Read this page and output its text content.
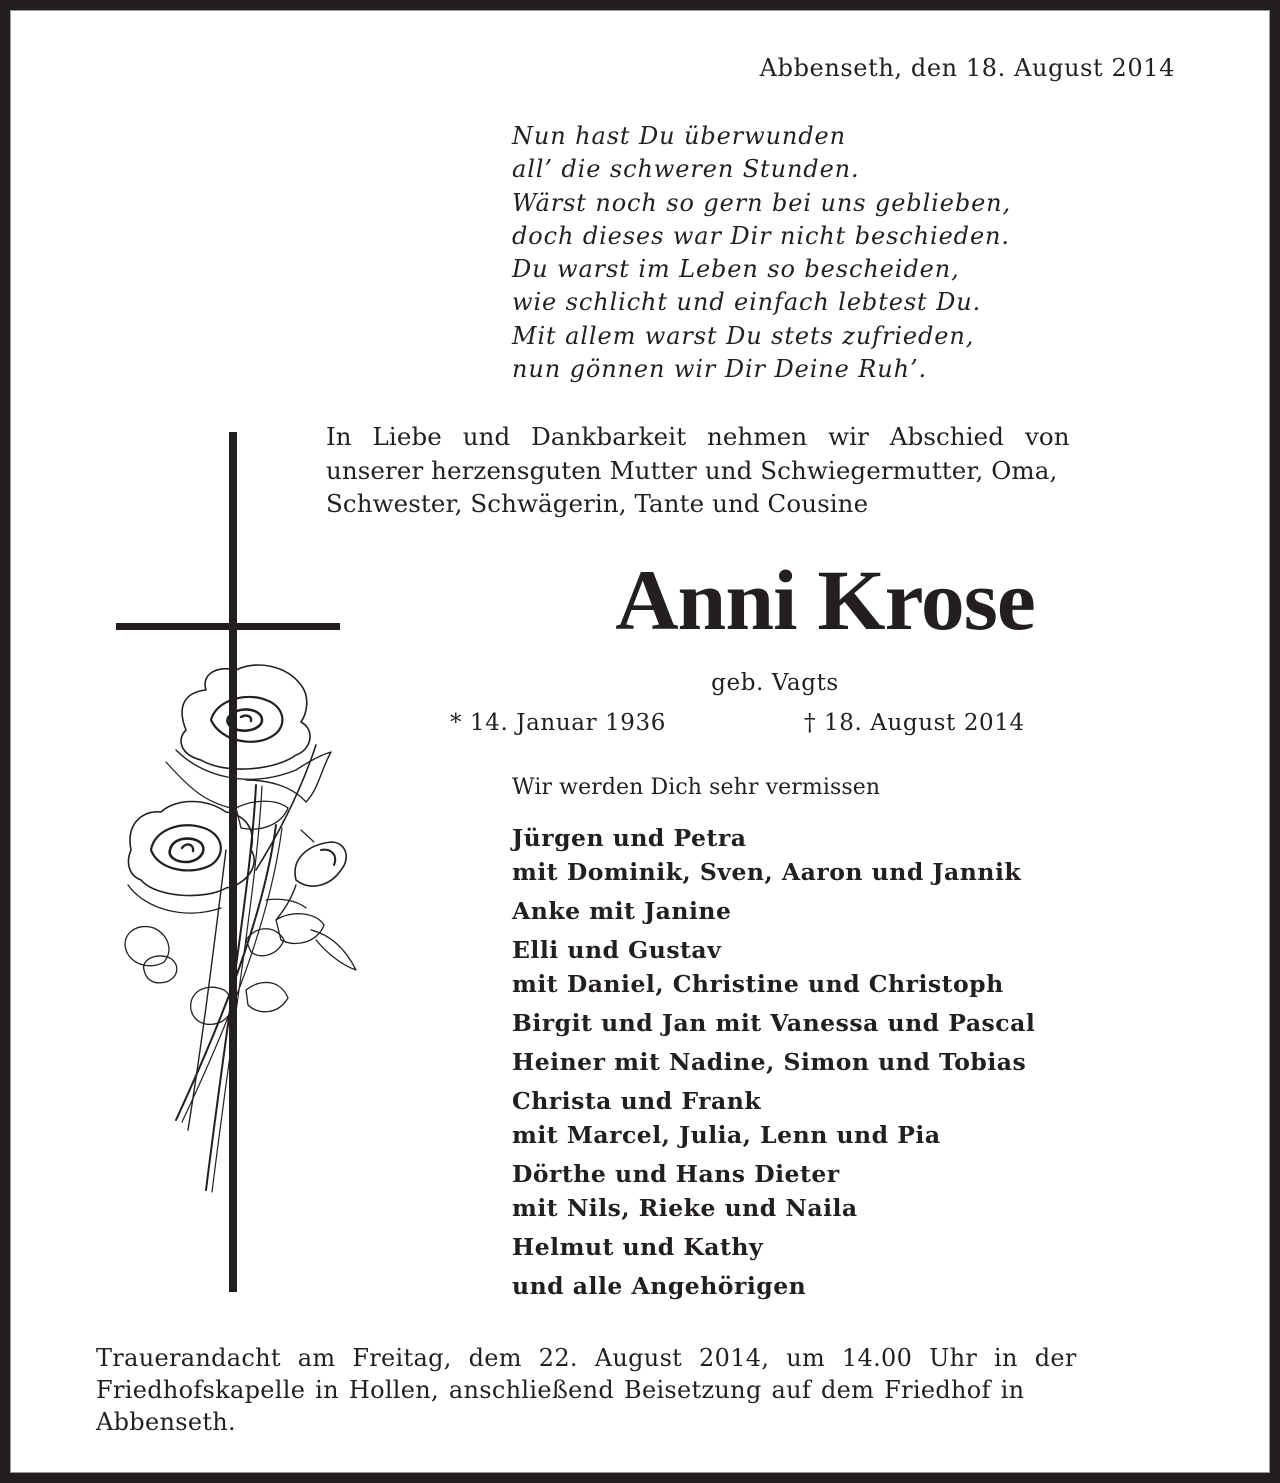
Abbenseth, den 18. August 2014
Nun hast Du überwunden
all’ die schweren Stunden.
Wärst noch so gern bei uns geblieben,
doch dieses war Dir nicht beschieden.
Du warst im Leben so bescheiden,
wie schlicht und einfach lebtest Du.
Mit allem warst Du stets zufrieden,
nun gönnen wir Dir Deine Ruh’.
In Liebe und Dankbarkeit nehmen wir Abschied von
unserer herzensguten Mutter und Schwiegermutter, Oma,
Schwester, Schwägerin, Tante und Cousine
Anni Krose
geb. Vagts
* 14. Januar 1936	† 18. August 2014
Wir werden Dich sehr vermissen
Jürgen und Petra
mit Dominik, Sven, Aaron und Jannik
Anke mit Janine
Elli und Gustav
mit Daniel, Christine und Christoph
Birgit und Jan mit Vanessa und Pascal
Heiner mit Nadine, Simon und Tobias
Christa und Frank
mit Marcel, Julia, Lenn und Pia
Dörthe und Hans Dieter
mit Nils, Rieke und Naila
Helmut und Kathy
und alle Angehörigen
Trauerandacht am Freitag, dem 22. August 2014, um 14.00 Uhr in der
Friedhofskapelle in Hollen, anschließend Beisetzung auf dem Friedhof in
Abbenseth.
